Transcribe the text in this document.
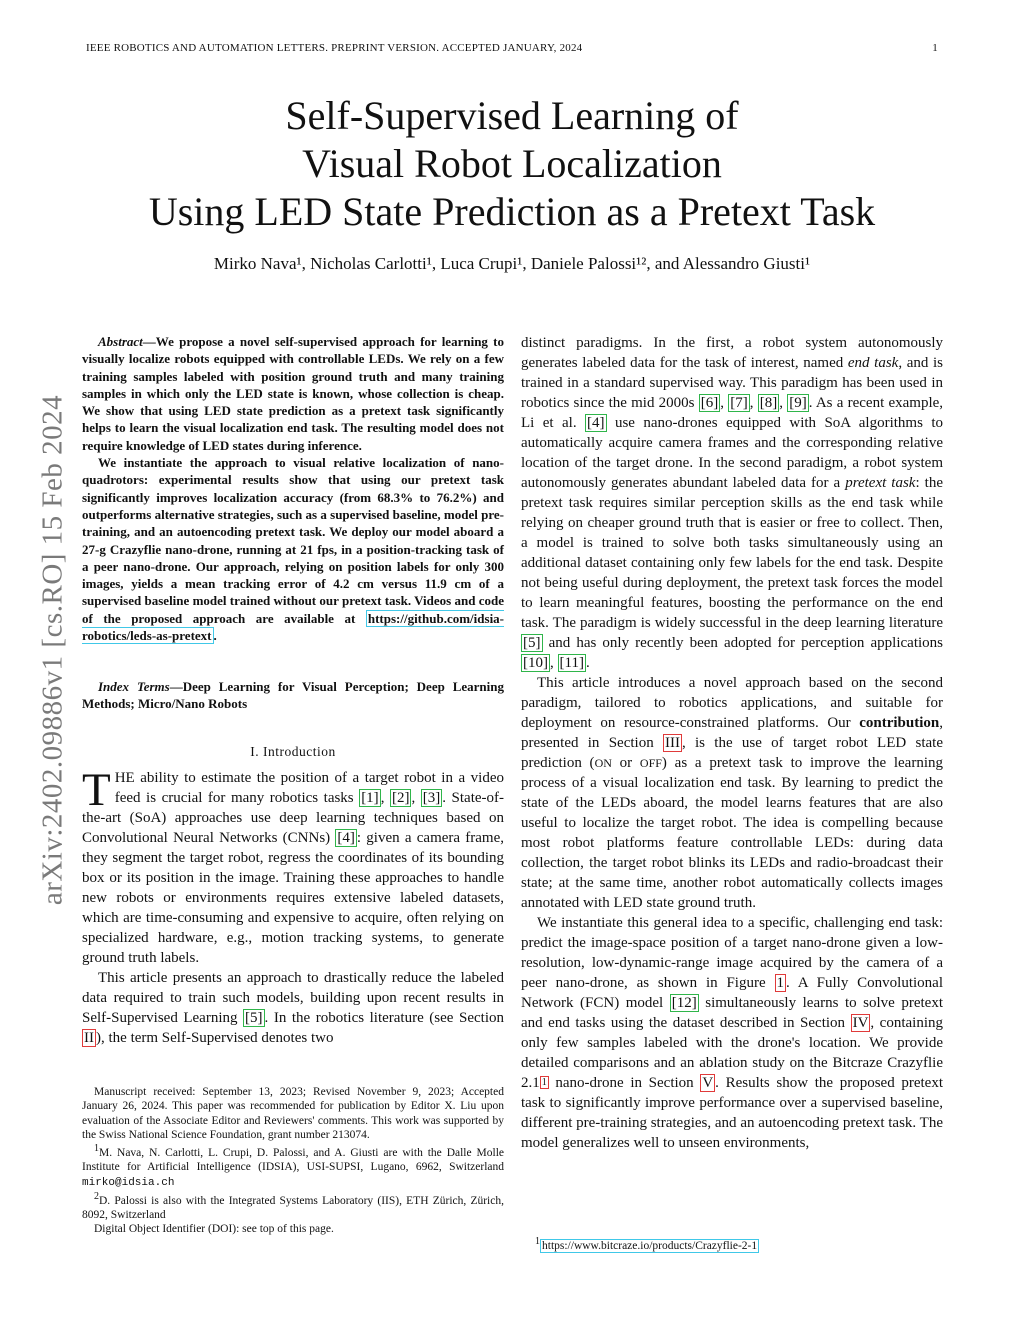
IEEE ROBOTICS AND AUTOMATION LETTERS. PREPRINT VERSION. ACCEPTED JANUARY, 2024	1
Self-Supervised Learning of
Visual Robot Localization
Using LED State Prediction as a Pretext Task
Mirko Nava¹, Nicholas Carlotti¹, Luca Crupi¹, Daniele Palossi¹², and Alessandro Giusti¹
arXiv:2402.09886v1 [cs.RO] 15 Feb 2024

Abstract—We propose a novel self-supervised approach for learning to visually localize robots equipped with controllable LEDs. We rely on a few training samples labeled with position ground truth and many training samples in which only the LED state is known, whose collection is cheap. We show that using LED state prediction as a pretext task significantly helps to learn the visual localization end task. The resulting model does not require knowledge of LED states during inference.

We instantiate the approach to visual relative localization of nano-quadrotors: experimental results show that using our pretext task significantly improves localization accuracy (from 68.3% to 76.2%) and outperforms alternative strategies, such as a supervised baseline, model pre-training, and an autoencoding pretext task. We deploy our model aboard a 27-g Crazyflie nano-drone, running at 21 fps, in a position-tracking task of a peer nano-drone. Our approach, relying on position labels for only 300 images, yields a mean tracking error of 4.2 cm versus 11.9 cm of a supervised baseline model trained without our pretext task. Videos and code of the proposed approach are available at https://github.com/idsia-robotics/leds-as-pretext .

Index Terms—Deep Learning for Visual Perception; Deep Learning Methods; Micro/Nano Robots
I. Introduction

THE ability to estimate the position of a target robot in a video feed is crucial for many robotics tasks [1] , [2] , [3] . State-of-the-art (SoA) approaches use deep learning techniques based on Convolutional Neural Networks (CNNs) [4] : given a camera frame, they segment the target robot, regress the coordinates of its bounding box or its position in the image. Training these approaches to handle new robots or environments requires extensive labeled datasets, which are time-consuming and expensive to acquire, often relying on specialized hardware, e.g., motion tracking systems, to generate ground truth labels.

This article presents an approach to drastically reduce the labeled data required to train such models, building upon recent results in Self-Supervised Learning [5] . In the robotics literature (see Section II ), the term Self-Supervised denotes two

Manuscript received: September 13, 2023; Revised November 9, 2023; Accepted January 26, 2024. This paper was recommended for publication by Editor X. Liu upon evaluation of the Associate Editor and Reviewers' comments. This work was supported by the Swiss National Science Foundation, grant number 213074.

$^1$M. Nava, N. Carlotti, L. Crupi, D. Palossi, and A. Giusti are with the Dalle Molle Institute for Artificial Intelligence (IDSIA), USI-SUPSI, Lugano, 6962, Switzerland mirko@idsia.ch

$^2$D. Palossi is also with the Integrated Systems Laboratory (IIS), ETH Zürich, Zürich, 8092, Switzerland

Digital Object Identifier (DOI): see top of this page.

distinct paradigms. In the first, a robot system autonomously generates labeled data for the task of interest, named end task, and is trained in a standard supervised way. This paradigm has been used in robotics since the mid 2000s [6] , [7] , [8] , [9] . As a recent example, Li et al. [4] use nano-drones equipped with SoA algorithms to automatically acquire camera frames and the corresponding relative location of the target drone. In the second paradigm, a robot system autonomously generates abundant labeled data for a pretext task: the pretext task requires similar perception skills as the end task while relying on cheaper ground truth that is easier or free to collect. Then, a model is trained to solve both tasks simultaneously using an additional dataset containing only few labels for the end task. Despite not being useful during deployment, the pretext task forces the model to learn meaningful features, boosting the performance on the end task. The paradigm is widely successful in the deep learning literature [5] and has only recently been adopted for perception applications [10] , [11] .

This article introduces a novel approach based on the second paradigm, tailored to robotics applications, and suitable for deployment on resource-constrained platforms. Our contribution, presented in Section III , is the use of target robot LED state prediction (ON or OFF) as a pretext task to improve the learning process of a visual localization end task. By learning to predict the state of the LEDs aboard, the model learns features that are also useful to localize the target robot. The idea is compelling because most robot platforms feature controllable LEDs: during data collection, the target robot blinks its LEDs and radio-broadcast their state; at the same time, another robot automatically collects images annotated with LED state ground truth.

We instantiate this general idea to a specific, challenging end task: predict the image-space position of a target nano-drone given a low-resolution, low-dynamic-range image acquired by the camera of a peer nano-drone, as shown in Figure 1 . A Fully Convolutional Network (FCN) model [12] simultaneously learns to solve pretext and end tasks using the dataset described in Section IV , containing only few samples labeled with the drone's location. We provide detailed comparisons and an ablation study on the Bitcraze Crazyflie 2.1 $^1$ nano-drone in Section V . Results show the proposed pretext task to significantly improve performance over a supervised baseline, different pre-training strategies, and an autoencoding pretext task. The model generalizes well to unseen environments,

$^1$ https://www.bitcraze.io/products/Crazyflie-2-1
